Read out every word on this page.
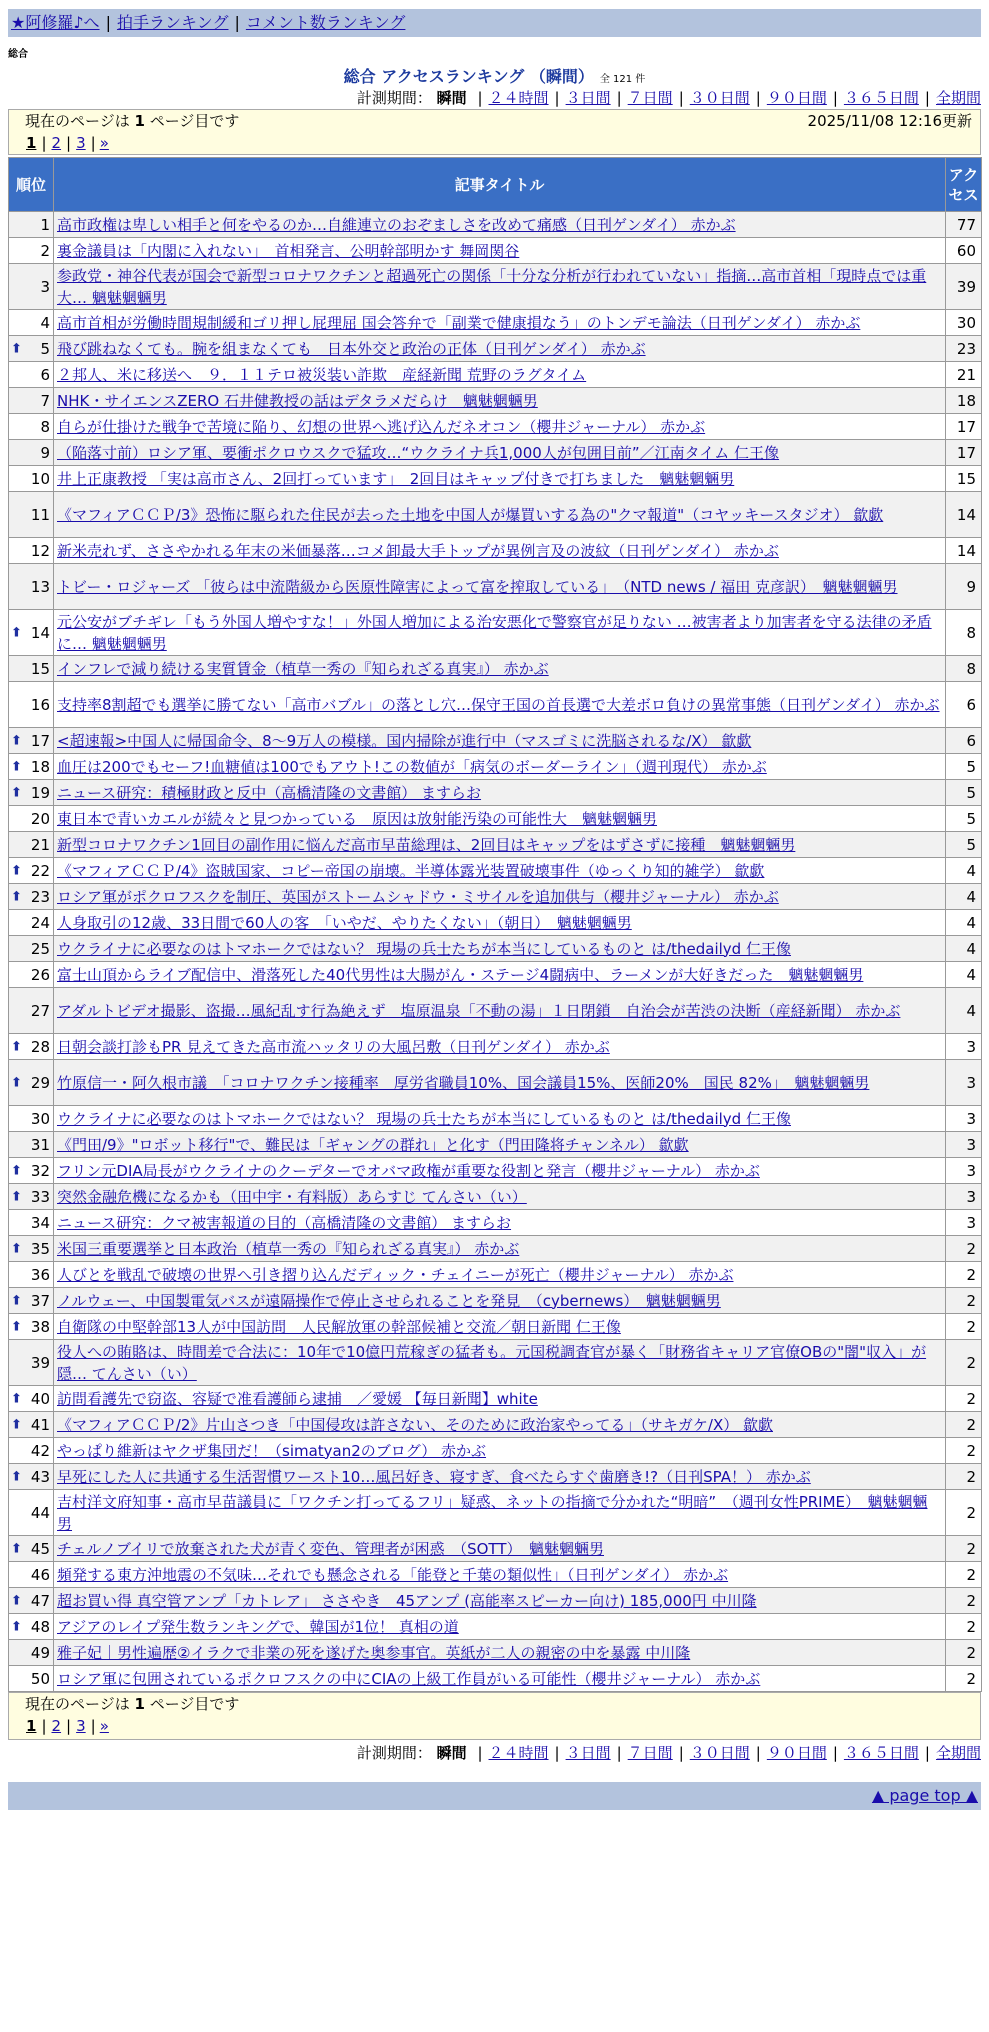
★阿修羅♪へ | 拍手ランキング | コメント数ランキング
総合
総合 アクセスランキング （瞬間） 全 121 件
計測期間： 瞬間 | ２４時間 | ３日間 | ７日間 | ３０日間 | ９０日間 | ３６５日間 | 全期間
現在のページは 1 ページ目です	2025/11/08 12:16更新
1 | 2 | 3 | »
順位	記事タイトル	アクセス
1	高市政権は卑しい相手と何をやるのか…自維連立のおぞましさを改めて痛感（日刊ゲンダイ） 赤かぶ	77
2	裏金議員は「内閣に入れない」　首相発言、公明幹部明かす 舞岡関谷	60
3	参政党・神谷代表が国会で新型コロナワクチンと超過死亡の関係「十分な分析が行われていない」指摘…高市首相「現時点では重大… 魑魅魍魎男	39
4	高市首相が労働時間規制緩和ゴリ押し屁理屈 国会答弁で「副業で健康損なう」のトンデモ論法（日刊ゲンダイ） 赤かぶ	30

⬆ 5	飛び跳ねなくても。腕を組まなくても　日本外交と政治の正体（日刊ゲンダイ） 赤かぶ	23
6	２邦人、米に移送へ　９．１１テロ被災装い詐欺　産経新聞 荒野のラグタイム	21
7	NHK・サイエンスZERO 石井健教授の話はデタラメだらけ　魑魅魍魎男	18
8	自らが仕掛けた戦争で苦境に陥り、幻想の世界へ逃げ込んだネオコン（櫻井ジャーナル） 赤かぶ	17
9	（陥落寸前）ロシア軍、要衝ポクロウスクで猛攻…“ウクライナ兵1,000人が包囲目前”／江南タイム 仁王像	17
10	井上正康教授 「実は高市さん、2回打っています」　2回目はキャップ付きで打ちました　魑魅魍魎男	15
11	《マフィアＣＣＰ/3》恐怖に駆られた住民が去った土地を中国人が爆買いする為の"クマ報道"（コヤッキースタジオ） 歙歔	14
12	新米売れず、ささやかれる年末の米価暴落…コメ卸最大手トップが異例言及の波紋（日刊ゲンダイ） 赤かぶ	14
13	トビー・ロジャーズ 「彼らは中流階級から医原性障害によって富を搾取している」　（NTD news / 福田 克彦訳）　魑魅魍魎男	9

⬆ 14	元公安がブチギレ「もう外国人増やすな！」外国人増加による治安悪化で警察官が足りない …被害者より加害者を守る法律の矛盾に… 魑魅魍魎男	8
15	インフレで減り続ける実質賃金（植草一秀の『知られざる真実』） 赤かぶ	8
16	支持率8割超でも選挙に勝てない「高市バブル」の落とし穴…保守王国の首長選で大差ボロ負けの異常事態（日刊ゲンダイ） 赤かぶ	6

⬆ 17	<超速報>中国人に帰国命令、8〜9万人の模様。国内掃除が進行中（マスゴミに洗脳されるな/Ⅹ） 歙歔	6

⬆ 18	血圧は200でもセーフ!血糖値は100でもアウト!この数値が「病気のボーダーライン」（週刊現代） 赤かぶ	5

⬆ 19	ニュース研究：積極財政と反中（高橋清隆の文書館） ますらお	5
20	東日本で青いカエルが続々と見つかっている　原因は放射能汚染の可能性大　魑魅魍魎男	5
21	新型コロナワクチン1回目の副作用に悩んだ高市早苗総理は、2回目はキャップをはずさずに接種　魑魅魍魎男	5

⬆ 22	《マフィアＣＣＰ/4》盗賊国家、コピー帝国の崩壊。半導体露光装置破壊事件（ゆっくり知的雑学） 歙歔	4

⬆ 23	ロシア軍がポクロフスクを制圧、英国がストームシャドウ・ミサイルを追加供与（櫻井ジャーナル） 赤かぶ	4
24	人身取引の12歳、33日間で60人の客　「いやだ、やりたくない」（朝日）　魑魅魍魎男	4
25	ウクライナに必要なのはトマホークではない？ 現場の兵士たちが本当にしているものと は/thedailyd 仁王像	4
26	富士山頂からライブ配信中、滑落死した40代男性は大腸がん・ステージ4闘病中、ラーメンが大好きだった　魑魅魍魎男	4
27	アダルトビデオ撮影、盗撮…風紀乱す行為絶えず　塩原温泉「不動の湯」１日閉鎖　自治会が苦渋の決断（産経新聞） 赤かぶ	4

⬆ 28	日朝会談打診もPR 見えてきた高市流ハッタリの大風呂敷（日刊ゲンダイ） 赤かぶ	3

⬆ 29	竹原信一・阿久根市議　「コロナワクチン接種率　厚労省職員10%、国会議員15%、医師20%　国民 82%」　魑魅魍魎男	3
30	ウクライナに必要なのはトマホークではない？ 現場の兵士たちが本当にしているものと は/thedailyd 仁王像	3
31	《門田/9》"ロボット移行"で、難民は「ギャングの群れ」と化す（門田隆将チャンネル） 歙歔	3

⬆ 32	フリン元DIA局長がウクライナのクーデターでオバマ政権が重要な役割と発言（櫻井ジャーナル） 赤かぶ	3

⬆ 33	突然金融危機になるかも（田中宇・有料版）あらすじ てんさい（い）	3
34	ニュース研究：クマ被害報道の目的（高橋清隆の文書館） ますらお	3

⬆ 35	米国三重要選挙と日本政治（植草一秀の『知られざる真実』） 赤かぶ	2
36	人びとを戦乱で破壊の世界へ引き摺り込んだディック・チェイニーが死亡（櫻井ジャーナル） 赤かぶ	2

⬆ 37	ノルウェー、中国製電気バスが遠隔操作で停止させられることを発見　（cybernews）　魑魅魍魎男	2

⬆ 38	自衛隊の中堅幹部13人が中国訪問　人民解放軍の幹部候補と交流／朝日新聞 仁王像	2
39	役人への賄賂は、時間差で合法に：10年で10億円荒稼ぎの猛者も。元国税調査官が暴く「財務省キャリア官僚OBの"闇"収入」が隠… てんさい（い）	2

⬆ 40	訪問看護先で窃盗、容疑で准看護師ら逮捕　／愛媛 【毎日新聞】white	2

⬆ 41	《マフィアＣＣＰ/2》片山さつき「中国侵攻は許さない、そのために政治家やってる」（サキガケ/Ⅹ） 歙歔	2
42	やっぱり維新はヤクザ集団だ！（simatyan2のブログ） 赤かぶ	2

⬆ 43	早死にした人に共通する生活習慣ワースト10…風呂好き、寝すぎ、食べたらすぐ歯磨き!?（日刊SPA！） 赤かぶ	2
44	吉村洋文府知事・高市早苗議員に「ワクチン打ってるフリ」疑惑、ネットの指摘で分かれた“明暗”　（週刊女性PRIME）　魑魅魍魎男	2

⬆ 45	チェルノブイリで放棄された犬が青く変色、管理者が困惑　（SOTT）　魑魅魍魎男	2
46	頻発する東方沖地震の不気味…それでも懸念される「能登と千葉の類似性」（日刊ゲンダイ） 赤かぶ	2

⬆ 47	超お買い得 真空管アンプ「カトレア」 ささやき　45アンプ (高能率スピーカー向け) 185,000円 中川隆	2

⬆ 48	アジアのレイプ発生数ランキングで、韓国が1位！ 真相の道	2
49	雅子妃｜男性遍歴②イラクで非業の死を遂げた奥参事官。英紙が二人の親密の中を暴露 中川隆	2
50	ロシア軍に包囲されているポクロフスクの中にCIAの上級工作員がいる可能性（櫻井ジャーナル） 赤かぶ	2
現在のページは 1 ページ目です
1 | 2 | 3 | »
計測期間： 瞬間 | ２４時間 | ３日間 | ７日間 | ３０日間 | ９０日間 | ３６５日間 | 全期間
▲ page top ▲
